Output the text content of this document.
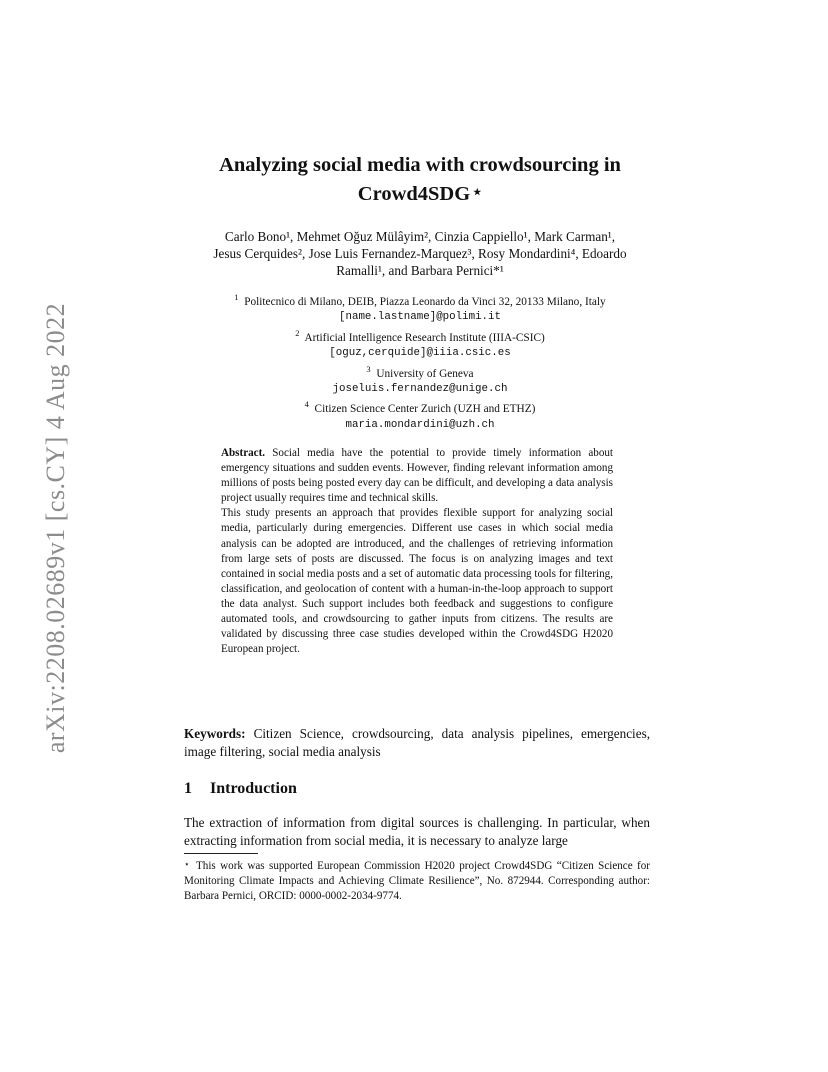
arXiv:2208.02689v1 [cs.CY] 4 Aug 2022
Analyzing social media with crowdsourcing in
Crowd4SDG ⋆
Carlo Bono¹, Mehmet Oğuz Mülâyim², Cinzia Cappiello¹, Mark Carman¹,
Jesus Cerquides², Jose Luis Fernandez-Marquez³, Rosy Mondardini⁴, Edoardo
Ramalli¹, and Barbara Pernici*¹
$^1$ Politecnico di Milano, DEIB, Piazza Leonardo da Vinci 32, 20133 Milano, Italy
[name.lastname]@polimi.it
$^2$ Artificial Intelligence Research Institute (IIIA-CSIC)
[oguz,cerquide]@iiia.csic.es
$^3$ University of Geneva
joseluis.fernandez@unige.ch
$^4$ Citizen Science Center Zurich (UZH and ETHZ)
maria.mondardini@uzh.ch
Abstract. Social media have the potential to provide timely information about emergency situations and sudden events. However, finding relevant information among millions of posts being posted every day can be difficult, and developing a data analysis project usually requires time and technical skills.
This study presents an approach that provides flexible support for analyzing social media, particularly during emergencies. Different use cases in which social media analysis can be adopted are introduced, and the challenges of retrieving information from large sets of posts are discussed. The focus is on analyzing images and text contained in social media posts and a set of automatic data processing tools for filtering, classification, and geolocation of content with a human-in-the-loop approach to support the data analyst. Such support includes both feedback and suggestions to configure automated tools, and crowdsourcing to gather inputs from citizens. The results are validated by discussing three case studies developed within the Crowd4SDG H2020 European project.
Keywords: Citizen Science, crowdsourcing, data analysis pipelines, emergencies, image filtering, social media analysis
1 Introduction
The extraction of information from digital sources is challenging. In particular, when extracting information from social media, it is necessary to analyze large
⋆ This work was supported European Commission H2020 project Crowd4SDG “Citizen Science for Monitoring Climate Impacts and Achieving Climate Resilience”, No. 872944. Corresponding author: Barbara Pernici, ORCID: 0000-0002-2034-9774.
